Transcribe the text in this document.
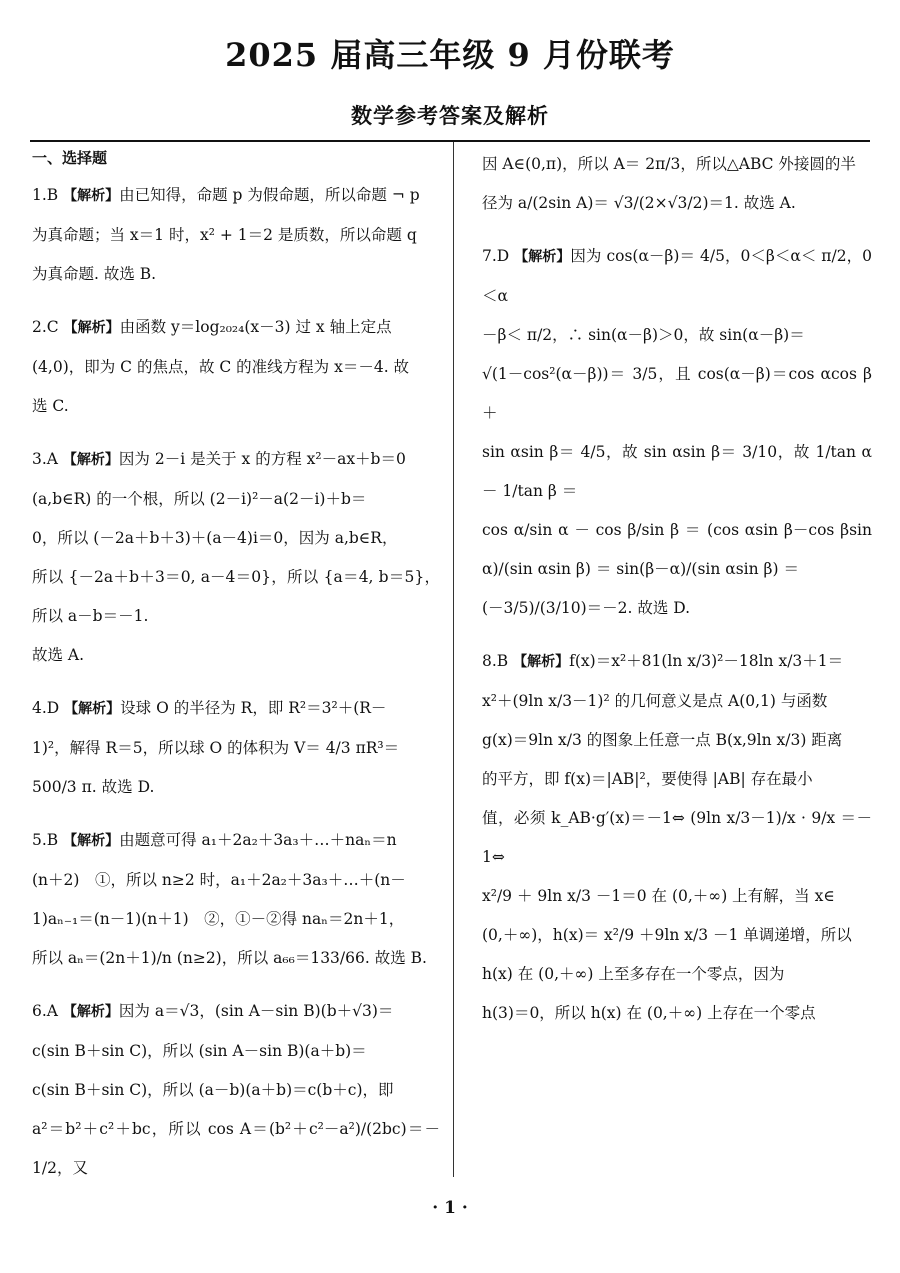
2025 届高三年级 9 月份联考
数学参考答案及解析
一、选择题

1.B 【解析】由已知得，命题 p 为假命题，所以命题 ¬ p

为真命题；当 x＝1 时，x² + 1＝2 是质数，所以命题 q

为真命题. 故选 B.

2.C 【解析】由函数 y＝log₂₀₂₄(x－3) 过 x 轴上定点

(4,0)，即为 C 的焦点，故 C 的准线方程为 x＝－4. 故

选 C.

3.A 【解析】因为 2－i 是关于 x 的方程 x²－ax＋b＝0

(a,b∈R) 的一个根，所以 (2－i)²－a(2－i)＋b＝

0，所以 (－2a＋b＋3)＋(a－4)i＝0，因为 a,b∈R，

所以 {－2a＋b＋3＝0, a－4＝0}，所以 {a＝4, b＝5}，所以 a－b＝－1.

故选 A.

4.D 【解析】设球 O 的半径为 R，即 R²＝3²＋(R－

1)²，解得 R＝5，所以球 O 的体积为 V＝ 4/3 πR³＝

500/3 π. 故选 D.

5.B 【解析】由题意可得 a₁＋2a₂＋3a₃＋…＋naₙ＝n

(n＋2)　①，所以 n≥2 时，a₁＋2a₂＋3a₃＋…＋(n－

1)aₙ₋₁＝(n－1)(n＋1)　②，①－②得 naₙ＝2n＋1，

所以 aₙ＝(2n＋1)/n (n≥2)，所以 a₆₆＝133/66. 故选 B.

6.A 【解析】因为 a＝√3，(sin A－sin B)(b＋√3)＝

c(sin B＋sin C)，所以 (sin A－sin B)(a＋b)＝

c(sin B＋sin C)，所以 (a－b)(a＋b)＝c(b＋c)，即

a²＝b²＋c²＋bc，所以 cos A＝(b²＋c²－a²)/(2bc)＝－1/2，又

因 A∈(0,π)，所以 A＝ 2π/3，所以△ABC 外接圆的半

径为 a/(2sin A)＝ √3/(2×√3/2)＝1. 故选 A.

7.D 【解析】因为 cos(α－β)＝ 4/5，0＜β＜α＜ π/2，0＜α

－β＜ π/2，∴ sin(α－β)＞0，故 sin(α－β)＝

√(1－cos²(α－β))＝ 3/5，且 cos(α－β)＝cos αcos β＋

sin αsin β＝ 4/5，故 sin αsin β＝ 3/10，故 1/tan α － 1/tan β ＝

cos α/sin α － cos β/sin β ＝ (cos αsin β－cos βsin α)/(sin αsin β) ＝ sin(β－α)/(sin αsin β) ＝

(－3/5)/(3/10)＝－2. 故选 D.

8.B 【解析】f(x)＝x²＋81(ln x/3)²－18ln x/3＋1＝

x²＋(9ln x/3－1)² 的几何意义是点 A(0,1) 与函数

g(x)＝9ln x/3 的图象上任意一点 B(x,9ln x/3) 距离

的平方，即 f(x)＝|AB|²，要使得 |AB| 存在最小

值，必须 k_AB·g′(x)＝－1⇔ (9ln x/3－1)/x · 9/x ＝－1⇔

x²/9 ＋ 9ln x/3 －1＝0 在 (0,＋∞) 上有解，当 x∈

(0,＋∞)，h(x)＝ x²/9 ＋9ln x/3 －1 单调递增，所以

h(x) 在 (0,＋∞) 上至多存在一个零点，因为

h(3)＝0，所以 h(x) 在 (0,＋∞) 上存在一个零点

· 1 ·
